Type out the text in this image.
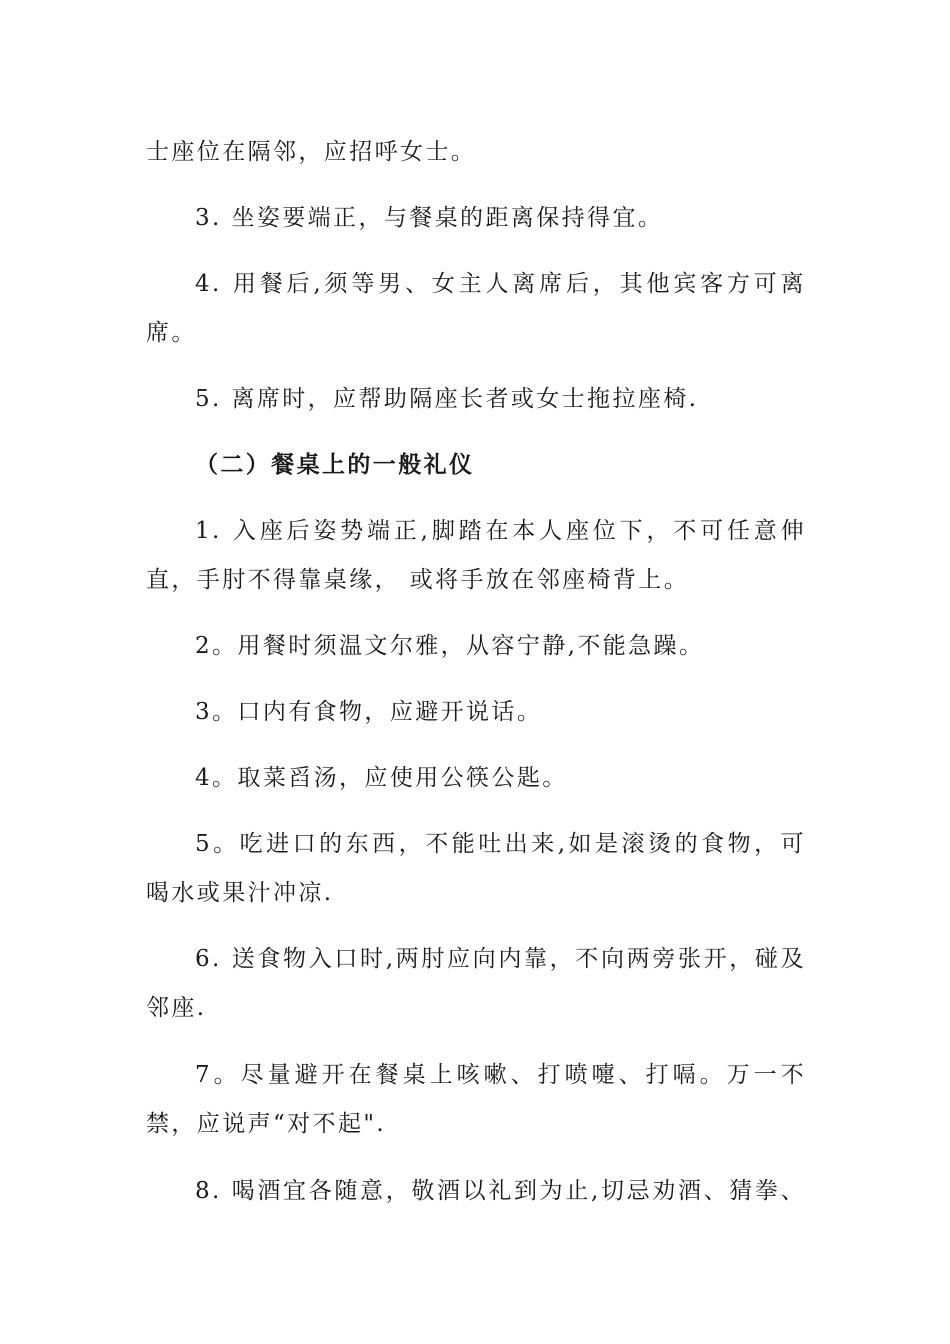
士座位在隔邻，应招呼女士。
3. 坐姿要端正，与餐桌的距离保持得宜。
4. 用餐后,须等男、女主人离席后，其他宾客方可离
席。
5. 离席时，应帮助隔座长者或女士拖拉座椅.
（二）餐桌上的一般礼仪
1. 入座后姿势端正,脚踏在本人座位下，不可任意伸
直，手肘不得靠桌缘， 或将手放在邻座椅背上。
2。用餐时须温文尔雅，从容宁静,不能急躁。
3。口内有食物，应避开说话。
4。取菜舀汤，应使用公筷公匙。
5。吃进口的东西，不能吐出来,如是滚烫的食物，可
喝水或果汁冲凉.
6. 送食物入口时,两肘应向内靠，不向两旁张开，碰及
邻座.
7。尽量避开在餐桌上咳嗽、打喷嚏、打嗝。万一不
禁，应说声“对不起".
8. 喝酒宜各随意，敬酒以礼到为止,切忌劝酒、猜拳、
